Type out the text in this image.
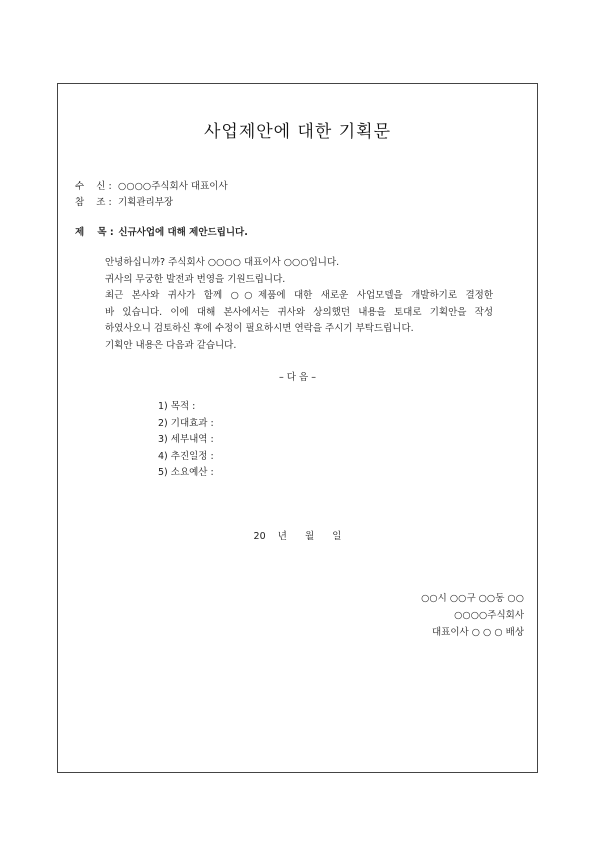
사업제안에 대한 기획문
수    신 : ○○○○주식회사 대표이사
참    조 : 기획관리부장
제    목 : 신규사업에 대해 제안드립니다.

안녕하십니까? 주식회사 ○○○○ 대표이사 ○○○입니다.

귀사의 무궁한 발전과 번영을 기원드립니다.

최근 본사와 귀사가 함께 ○○제품에 대한 새로운 사업모델을 개발하기로 결정한

바 있습니다. 이에 대해 본사에서는 귀사와 상의했던 내용을 토대로 기획안을 작성

하였사오니 검토하신 후에 수정이 필요하시면 연락을 주시기 부탁드립니다.

기획안 내용은 다음과 같습니다.

– 다 음 –
1) 목적 :
2) 기대효과 :
3) 세부내역 :
4) 추진일정 :
5) 소요예산 :
20    년      월      일
○○시 ○○구 ○○동 ○○
○○○○주식회사
대표이사 ○ ○ ○ 배상
